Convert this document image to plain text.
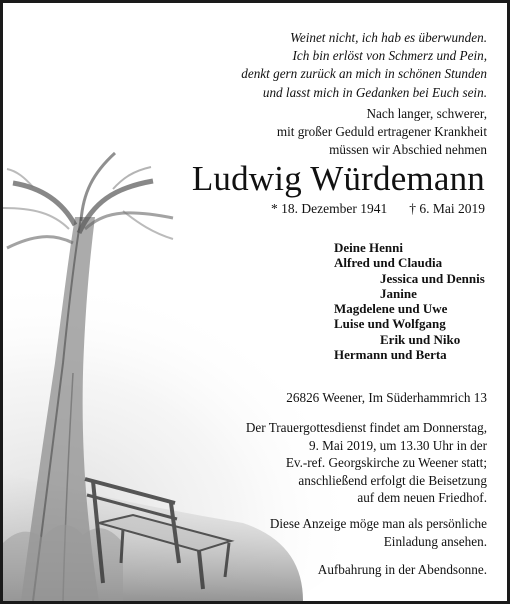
Weinet nicht, ich hab es überwunden.
Ich bin erlöst von Schmerz und Pein,
denkt gern zurück an mich in schönen Stunden
und lasst mich in Gedanken bei Euch sein.
Nach langer, schwerer,
mit großer Geduld ertragener Krankheit
müssen wir Abschied nehmen
Ludwig Würdemann
* 18. Dezember 1941 † 6. Mai 2019
Deine Henni
Alfred und Claudia
Jessica und Dennis
Janine
Magdelene und Uwe
Luise und Wolfgang
Erik und Niko
Hermann und Berta
26826 Weener, Im Süderhammrich 13
Der Trauergottesdienst findet am Donnerstag,
9. Mai 2019, um 13.30 Uhr in der
Ev.-ref. Georgskirche zu Weener statt;
anschließend erfolgt die Beisetzung
auf dem neuen Friedhof.
Diese Anzeige möge man als persönliche
Einladung ansehen.
Aufbahrung in der Abendsonne.
